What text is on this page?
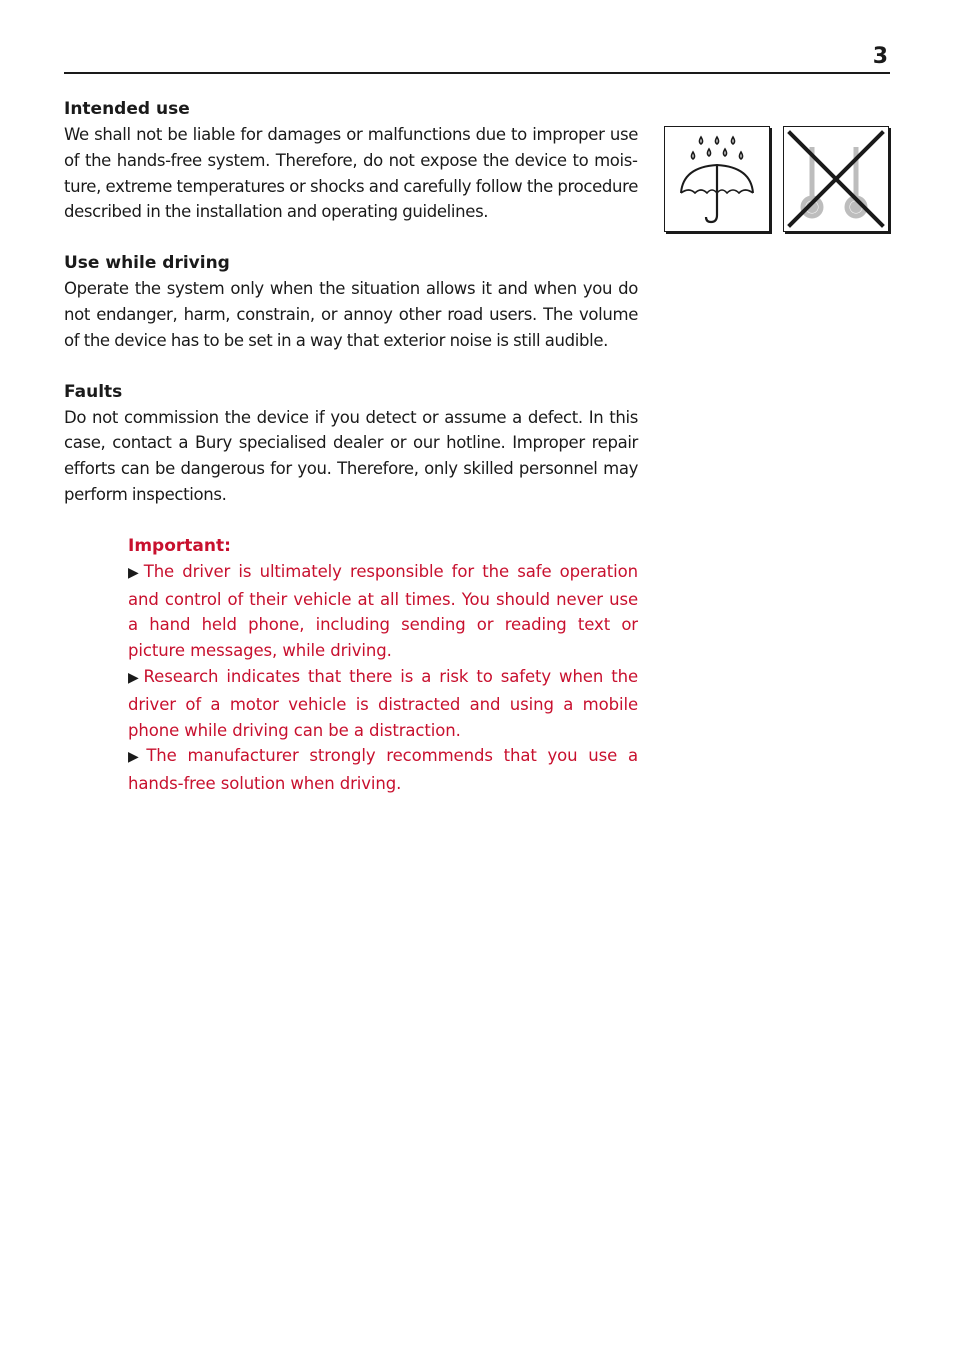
3
Intended use

We shall not be liable for damages or malfunctions due to improper use of the hands-free system. Therefore, do not expose the device to moisture, extreme temperatures or shocks and carefully follow the procedure described in the installation and operating guidelines.

Use while driving

Operate the system only when the situation allows it and when you do not endanger, harm, constrain, or annoy other road users. The volume of the device has to be set in a way that exterior noise is still audible.

Faults

Do not commission the device if you detect or assume a defect. In this case, contact a Bury specialised dealer or our hotline. Improper repair efforts can be dangerous for you. Therefore, only skilled personnel may perform inspections.

Important:

▶ The driver is ultimately responsible for the safe operation and control of their vehicle at all times. You should never use a hand held phone, including sending or reading text or picture messages, while driving.

▶ Research indicates that there is a risk to safety when the driver of a motor vehicle is distracted and using a mobile phone while driving can be a distraction.

▶ The manufacturer strongly recommends that you use a hands-free solution when driving.
